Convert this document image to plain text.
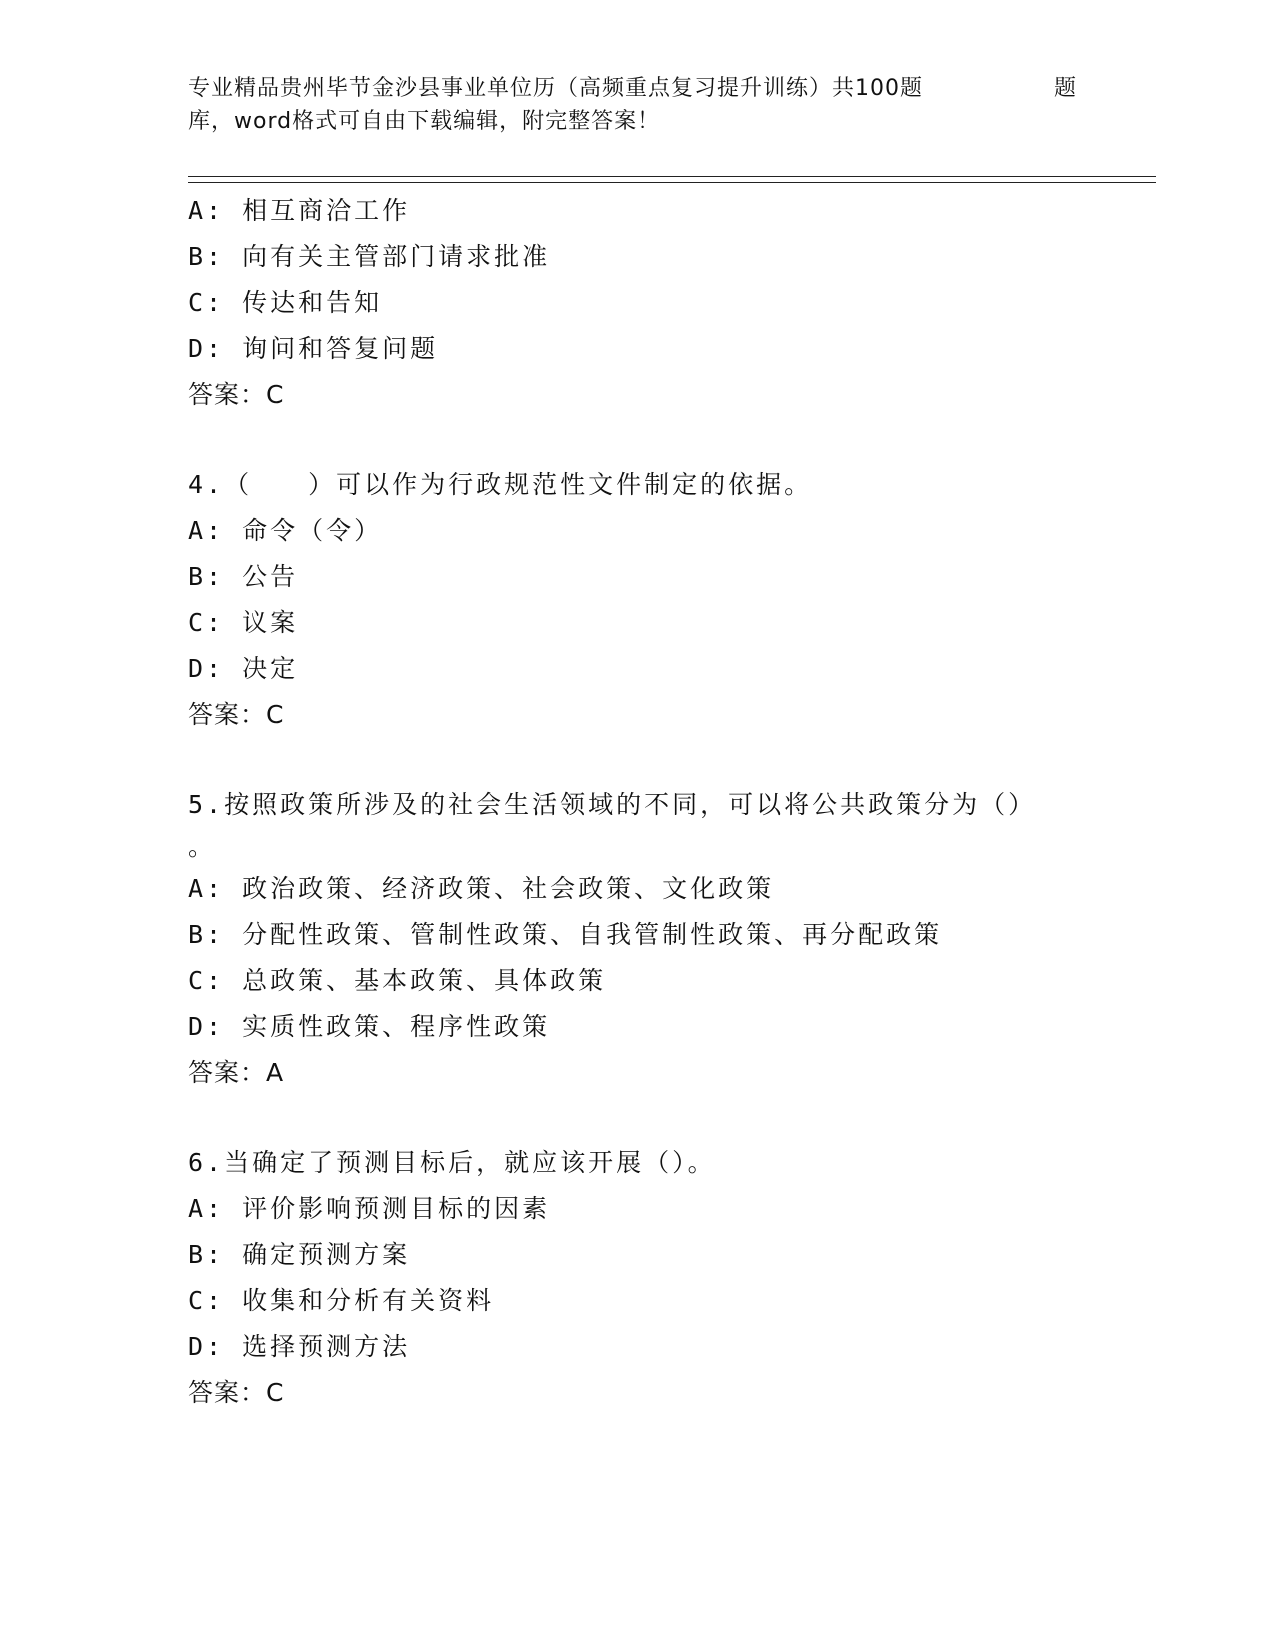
专业精品贵州毕节金沙县事业单位历（高频重点复习提升训练）共100题	题
库，word格式可自由下载编辑，附完整答案！
A: 相互商洽工作
B: 向有关主管部门请求批准
C: 传达和告知
D: 询问和答复问题
答案：C
4.（　　）可以作为行政规范性文件制定的依据。
A: 命令（令）
B: 公告
C: 议案
D: 决定
答案：C
5.按照政策所涉及的社会生活领域的不同，可以将公共政策分为（）
。
A: 政治政策、经济政策、社会政策、文化政策
B: 分配性政策、管制性政策、自我管制性政策、再分配政策
C: 总政策、基本政策、具体政策
D: 实质性政策、程序性政策
答案：A
6.当确定了预测目标后，就应该开展（）。
A: 评价影响预测目标的因素
B: 确定预测方案
C: 收集和分析有关资料
D: 选择预测方法
答案：C
